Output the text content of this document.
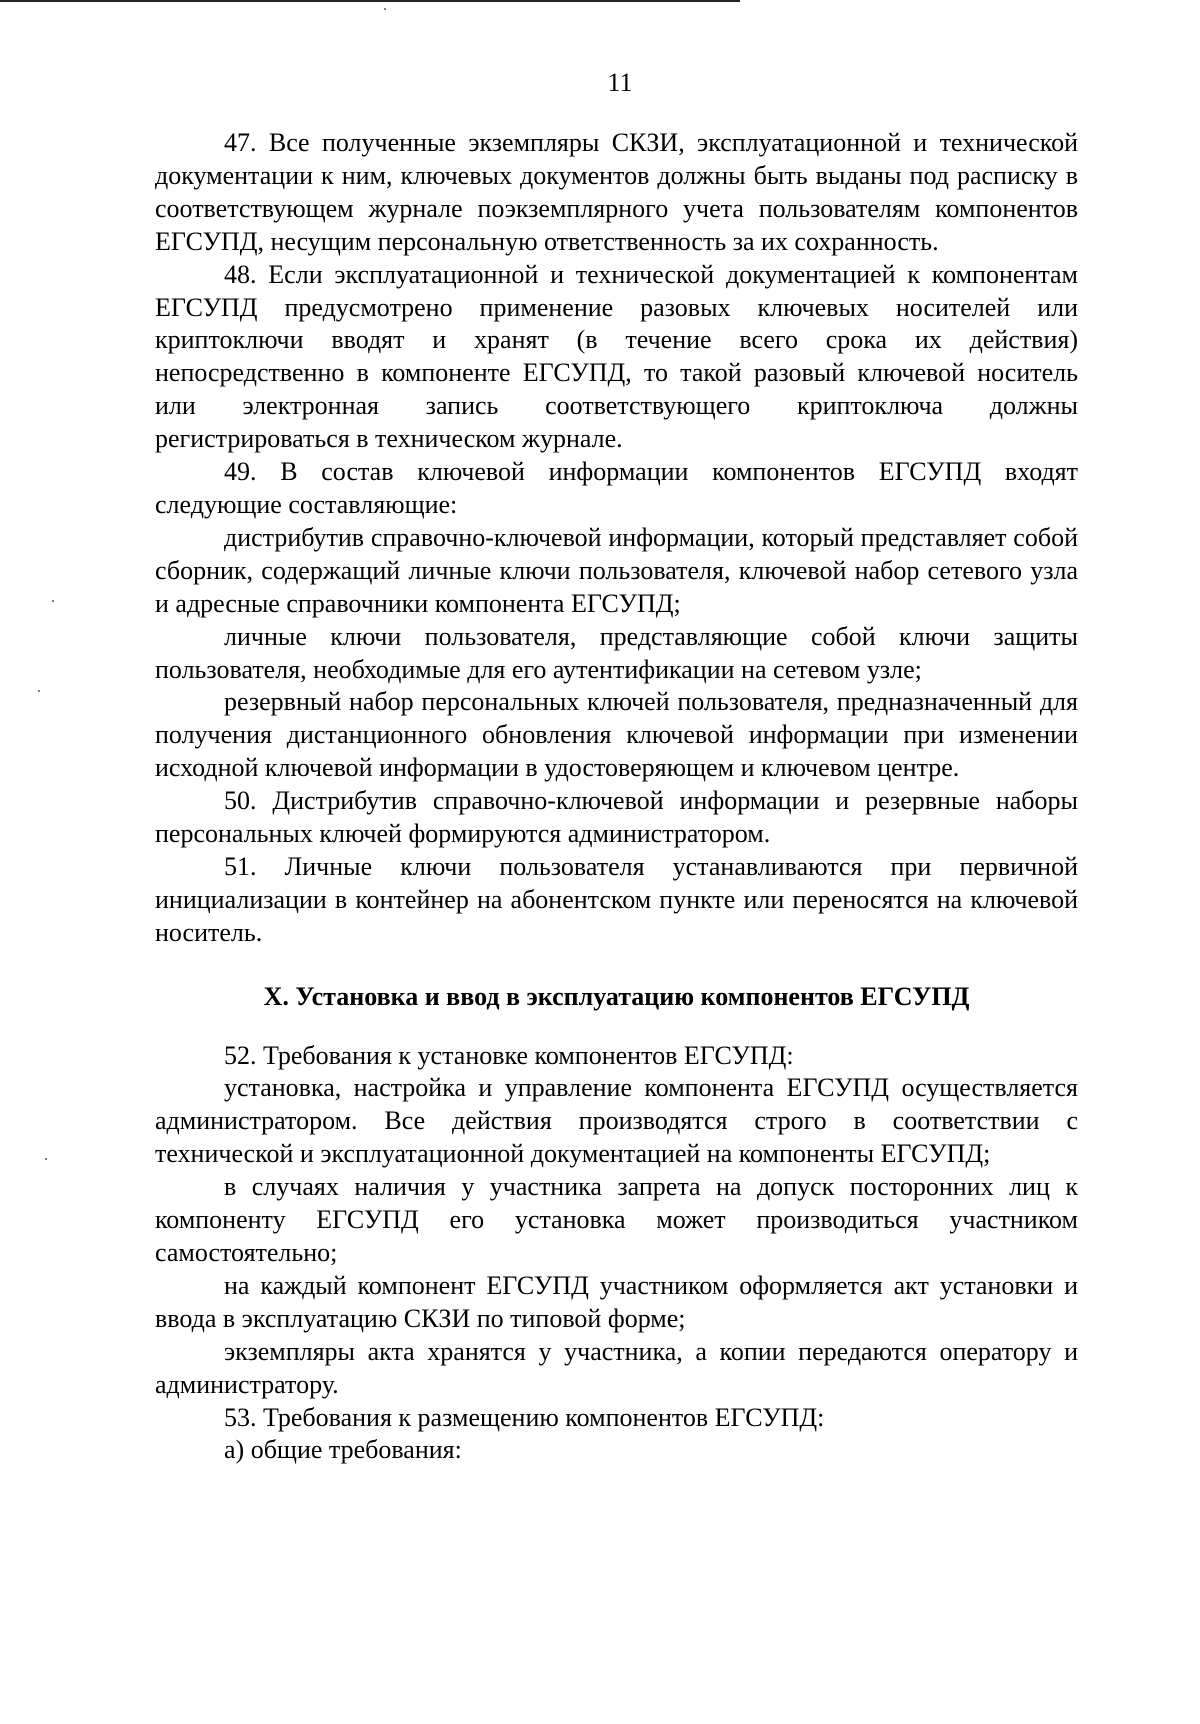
11

47. Все полученные экземпляры СКЗИ, эксплуатационной и технической документации к ним, ключевых документов должны быть выданы под расписку в соответствующем журнале поэкземплярного учета пользователям компонентов ЕГСУПД, несущим персональную ответственность за их сохранность.

48. Если эксплуатационной и технической документацией к компонентам ЕГСУПД предусмотрено применение разовых ключевых носителей или криптоключи вводят и хранят (в течение всего срока их действия) непосредственно в компоненте ЕГСУПД, то такой разовый ключевой носитель или электронная запись соответствующего криптоключа должны регистрироваться в техническом журнале.

49. В состав ключевой информации компонентов ЕГСУПД входят следующие составляющие:

дистрибутив справочно-ключевой информации, который представляет собой сборник, содержащий личные ключи пользователя, ключевой набор сетевого узла и адресные справочники компонента ЕГСУПД;

личные ключи пользователя, представляющие собой ключи защиты пользователя, необходимые для его аутентификации на сетевом узле;

резервный набор персональных ключей пользователя, предназначенный для получения дистанционного обновления ключевой информации при изменении исходной ключевой информации в удостоверяющем и ключевом центре.

50. Дистрибутив справочно-ключевой информации и резервные наборы персональных ключей формируются администратором.

51. Личные ключи пользователя устанавливаются при первичной инициализации в контейнер на абонентском пункте или переносятся на ключевой носитель.

X. Установка и ввод в эксплуатацию компонентов ЕГСУПД

52. Требования к установке компонентов ЕГСУПД:

установка, настройка и управление компонента ЕГСУПД осуществляется администратором. Все действия производятся строго в соответствии с технической и эксплуатационной документацией на компоненты ЕГСУПД;

в случаях наличия у участника запрета на допуск посторонних лиц к компоненту ЕГСУПД его установка может производиться участником самостоятельно;

на каждый компонент ЕГСУПД участником оформляется акт установки и ввода в эксплуатацию СКЗИ по типовой форме;

экземпляры акта хранятся у участника, а копии передаются оператору и администратору.

53. Требования к размещению компонентов ЕГСУПД:

а) общие требования:
